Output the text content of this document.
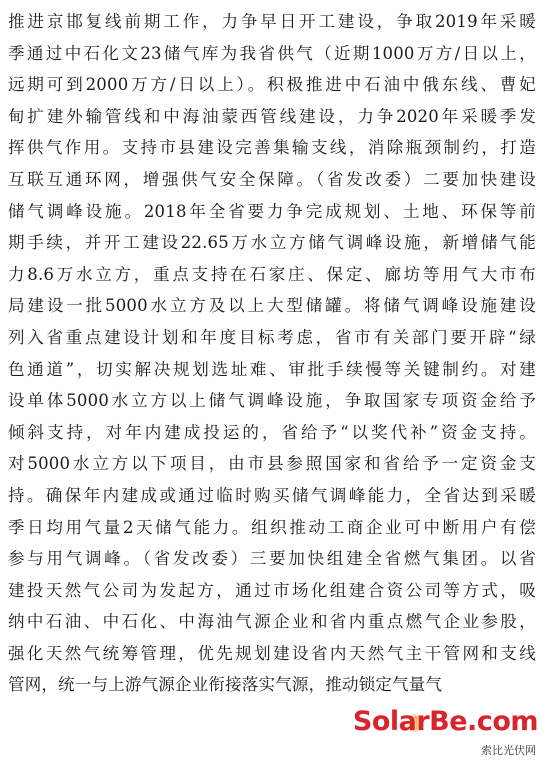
推进京邯复线前期工作，力争早日开工建设，争取2019年采暖
季通过中石化文23储气库为我省供气（近期1000万方/日以上，
远期可到2000万方/日以上）。积极推进中石油中俄东线、曹妃
甸扩建外输管线和中海油蒙西管线建设，力争2020年采暖季发
挥供气作用。支持市县建设完善集输支线，消除瓶颈制约，打造
互联互通环网，增强供气安全保障。（省发改委）二要加快建设
储气调峰设施。2018年全省要力争完成规划、土地、环保等前
期手续，并开工建设22.65万水立方储气调峰设施，新增储气能
力8.6万水立方，重点支持在石家庄、保定、廊坊等用气大市布
局建设一批5000水立方及以上大型储罐。将储气调峰设施建设
列入省重点建设计划和年度目标考虑，省市有关部门要开辟“绿
色通道”，切实解决规划选址难、审批手续慢等关键制约。对建
设单体5000水立方以上储气调峰设施，争取国家专项资金给予
倾斜支持，对年内建成投运的，省给予“以奖代补”资金支持。
对5000水立方以下项目，由市县参照国家和省给予一定资金支
持。确保年内建成或通过临时购买储气调峰能力，全省达到采暖
季日均用气量2天储气能力。组织推动工商企业可中断用户有偿
参与用气调峰。（省发改委）三要加快组建全省燃气集团。以省
建投天然气公司为发起方，通过市场化组建合资公司等方式，吸
纳中石油、中石化、中海油气源企业和省内重点燃气企业参股，
强化天然气统筹管理，优先规划建设省内天然气主干管网和支线
管网，统一与上游气源企业衔接落实气源，推动锁定气量气
SolarBe.com
索比光伏网
